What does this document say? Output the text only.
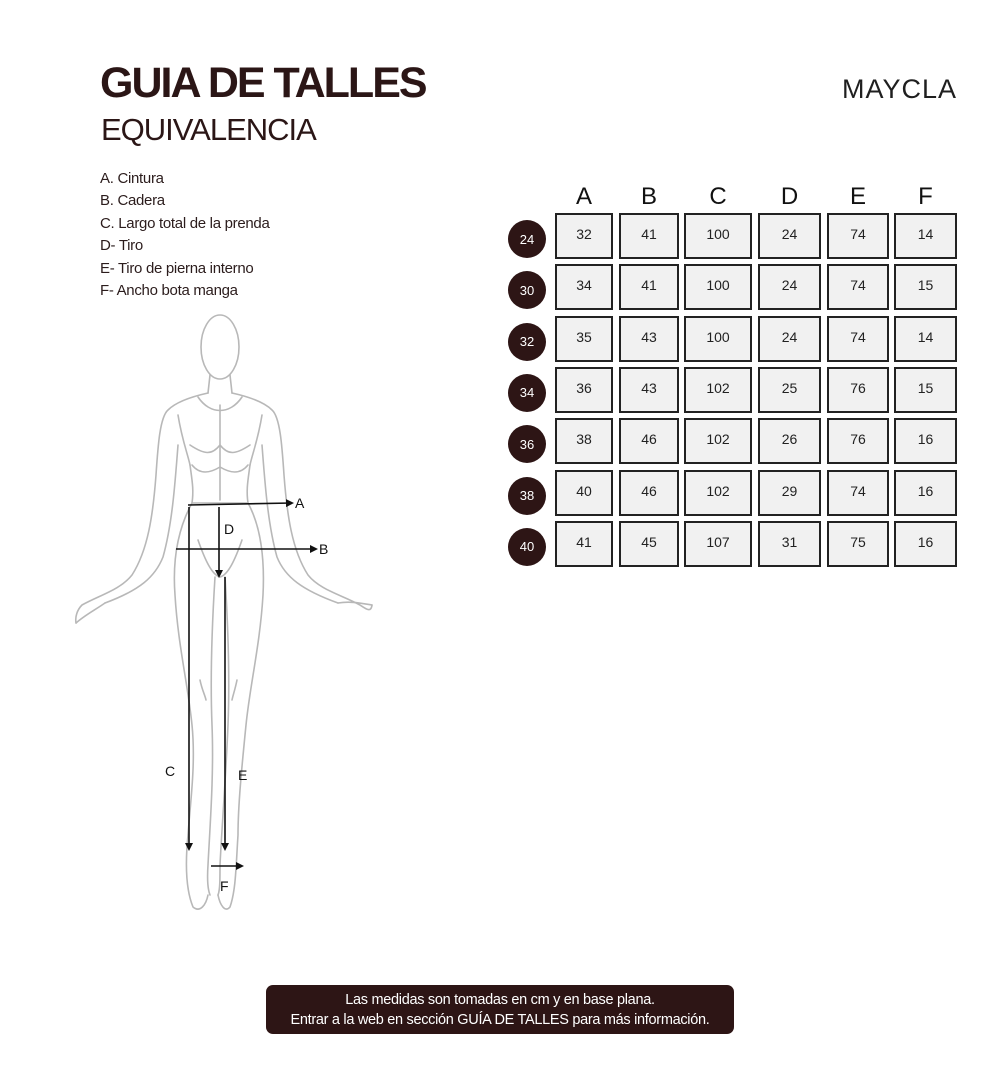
GUIA DE TALLES
EQUIVALENCIA
MAYCLA
A. Cintura
B. Cadera
C. Largo total de la prenda
D- Tiro
E- Tiro de pierna interno
F- Ancho bota manga
A
B
D
C	E
F
A	B	C	D	E	F
24	32	41	100	24	74	14
30	34	41	100	24	74	15
32	35	43	100	24	74	14
34	36	43	102	25	76	15
36	38	46	102	26	76	16
38	40	46	102	29	74	16
40	41	45	107	31	75	16
Las medidas son tomadas en cm y en base plana.
Entrar a la web en sección GUÍA DE TALLES para más información.
